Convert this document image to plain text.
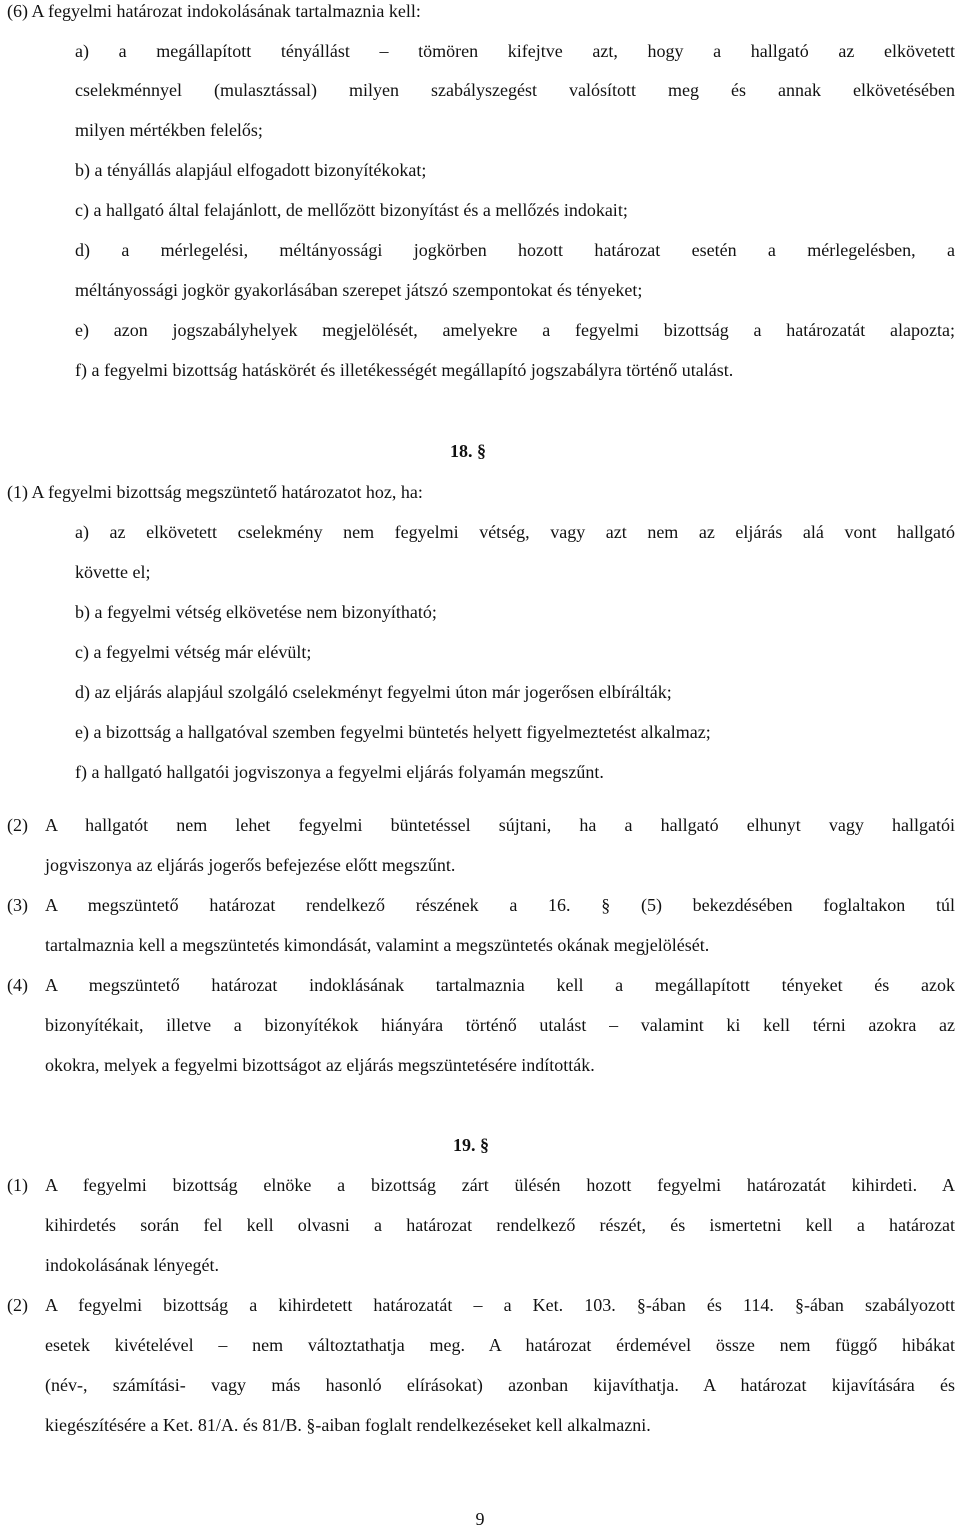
(6) A fegyelmi határozat indokolásának tartalmaznia kell:
a) a megállapított tényállást – tömören kifejtve azt, hogy a hallgató az elkövetett
cselekménnyel (mulasztással) milyen szabályszegést valósított meg és annak elkövetésében
milyen mértékben felelős;
b) a tényállás alapjául elfogadott bizonyítékokat;
c) a hallgató által felajánlott, de mellőzött bizonyítást és a mellőzés indokait;
d) a mérlegelési, méltányossági jogkörben hozott határozat esetén a mérlegelésben, a
méltányossági jogkör gyakorlásában szerepet játszó szempontokat és tényeket;
e) azon jogszabályhelyek megjelölését, amelyekre a fegyelmi bizottság a határozatát alapozta;
f) a fegyelmi bizottság hatáskörét és illetékességét megállapító jogszabályra történő utalást.
18. §
(1) A fegyelmi bizottság megszüntető határozatot hoz, ha:
a) az elkövetett cselekmény nem fegyelmi vétség, vagy azt nem az eljárás alá vont hallgató
követte el;
b) a fegyelmi vétség elkövetése nem bizonyítható;
c) a fegyelmi vétség már elévült;
d) az eljárás alapjául szolgáló cselekményt fegyelmi úton már jogerősen elbírálták;
e) a bizottság a hallgatóval szemben fegyelmi büntetés helyett figyelmeztetést alkalmaz;
f) a hallgató hallgatói jogviszonya a fegyelmi eljárás folyamán megszűnt.
(2) A hallgatót nem lehet fegyelmi büntetéssel sújtani, ha a hallgató elhunyt vagy hallgatói
jogviszonya az eljárás jogerős befejezése előtt megszűnt.
(3) A megszüntető határozat rendelkező részének a 16. § (5) bekezdésében foglaltakon túl
tartalmaznia kell a megszüntetés kimondását, valamint a megszüntetés okának megjelölését.
(4) A megszüntető határozat indoklásának tartalmaznia kell a megállapított tényeket és azok
bizonyítékait, illetve a bizonyítékok hiányára történő utalást – valamint ki kell térni azokra az
okokra, melyek a fegyelmi bizottságot az eljárás megszüntetésére indították.
19. §
(1) A fegyelmi bizottság elnöke a bizottság zárt ülésén hozott fegyelmi határozatát kihirdeti. A
kihirdetés során fel kell olvasni a határozat rendelkező részét, és ismertetni kell a határozat
indokolásának lényegét.
(2) A fegyelmi bizottság a kihirdetett határozatát – a Ket. 103. §-ában és 114. §-ában szabályozott
esetek kivételével – nem változtathatja meg. A határozat érdemével össze nem függő hibákat
(név-, számítási- vagy más hasonló elírásokat) azonban kijavíthatja. A határozat kijavítására és
kiegészítésére a Ket. 81/A. és 81/B. §-aiban foglalt rendelkezéseket kell alkalmazni.
9
